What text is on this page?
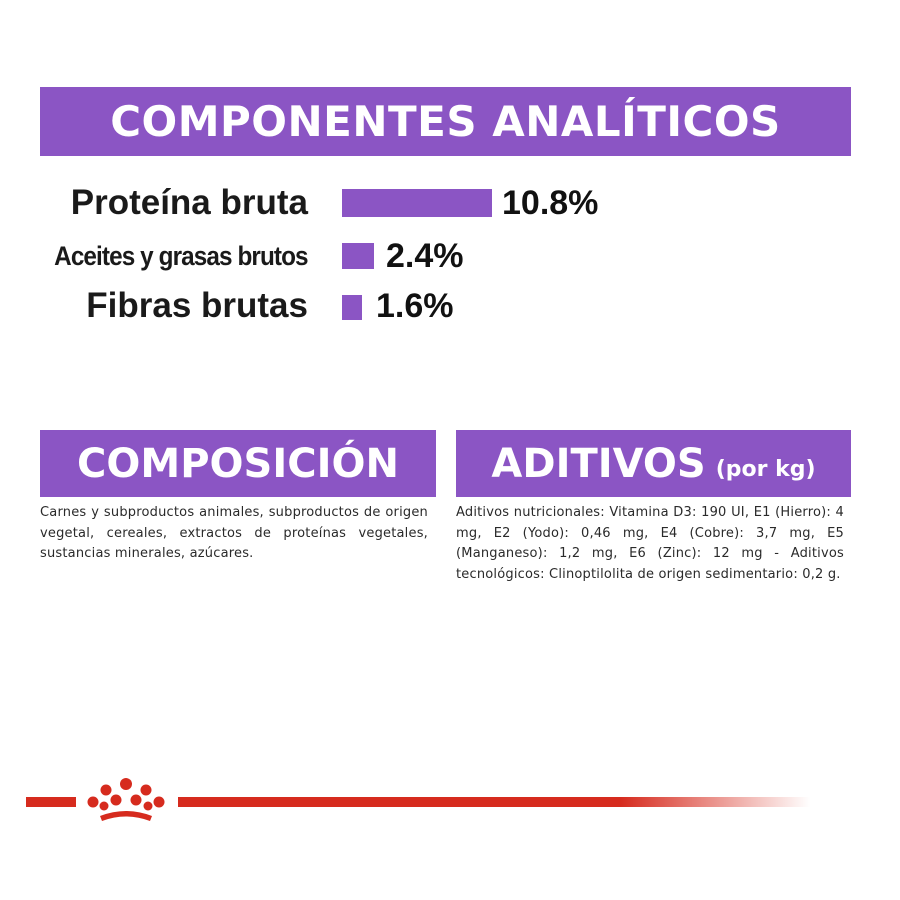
COMPONENTES ANALÍTICOS
Proteína bruta	10.8%
Aceites y grasas brutos 2.4%
Fibras brutas 1.6%
COMPOSICIÓN
Carnes y subproductos animales, subproductos de origen vegetal, cereales, extractos de proteínas vegetales, sustancias minerales, azúcares.
ADITIVOS (por kg)
Aditivos nutricionales: Vitamina D3: 190 UI, E1 (Hierro): 4 mg, E2 (Yodo): 0,46 mg, E4 (Cobre): 3,7 mg, E5 (Manganeso): 1,2 mg, E6 (Zinc): 12 mg - Aditivos tecnológicos: Clinoptilolita de origen sedimentario: 0,2 g.
